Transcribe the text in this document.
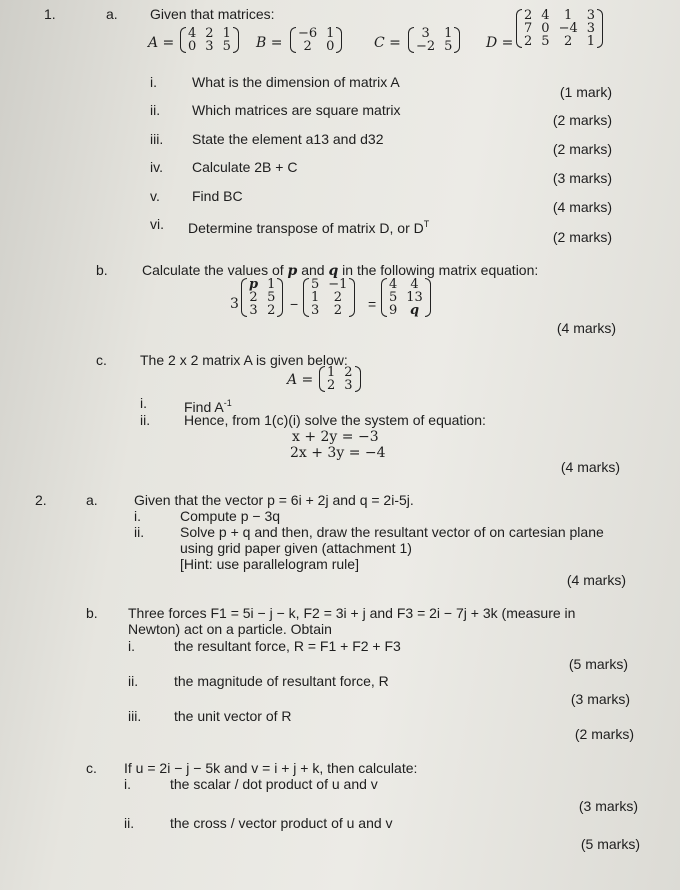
1.	a. Given that matrices:
A =
4 2 1
0 3 5 B =
−6 1
2	0	C =
3	1
−2 5 D =
2 4	1	3
7 0 −4 3
2 5	2	1
i.	What is the dimension of matrix A
(1 mark)
ii. Which matrices are square matrix
(2 marks)
iii. State the element a13 and d32
(2 marks)
iv. Calculate 2B + C
(3 marks)
v. Find BC
(4 marks)
vi. Determine transpose of matrix D, or $D^T$
(2 marks)
b. Calculate the values of p and q in the following matrix equation:
3
p 1
2 5
3 2 −
5 −1
1	2
3	2	=
4	4
5 13
9 q
(4 marks)
c. The 2 x 2 matrix A is given below:
A = 1 2
2 3
i.	Find $A^{-1}$
ii. Hence, from 1(c)(i) solve the system of equation:
x + 2y = −3
2x + 3y = −4
(4 marks)
2.	a.	Given that the vector p = 6i + 2j and q = 2i-5j.
i.	Compute p − 3q
ii.	Solve p + q and then, draw the resultant vector of on cartesian plane
using grid paper given (attachment 1)
[Hint: use parallelogram rule]
(4 marks)
b. Three forces F1 = 5i − j − k, F2 = 3i + j and F3 = 2i − 7j + 3k (measure in
Newton) act on a particle. Obtain
i.	the resultant force, R = F1 + F2 + F3
(5 marks)
ii.	the magnitude of resultant force, R
(3 marks)
iii. the unit vector of R
(2 marks)
c. If u = 2i − j − 5k and v = i + j + k, then calculate:
i.	the scalar / dot product of u and v
(3 marks)
ii.	the cross / vector product of u and v
(5 marks)
